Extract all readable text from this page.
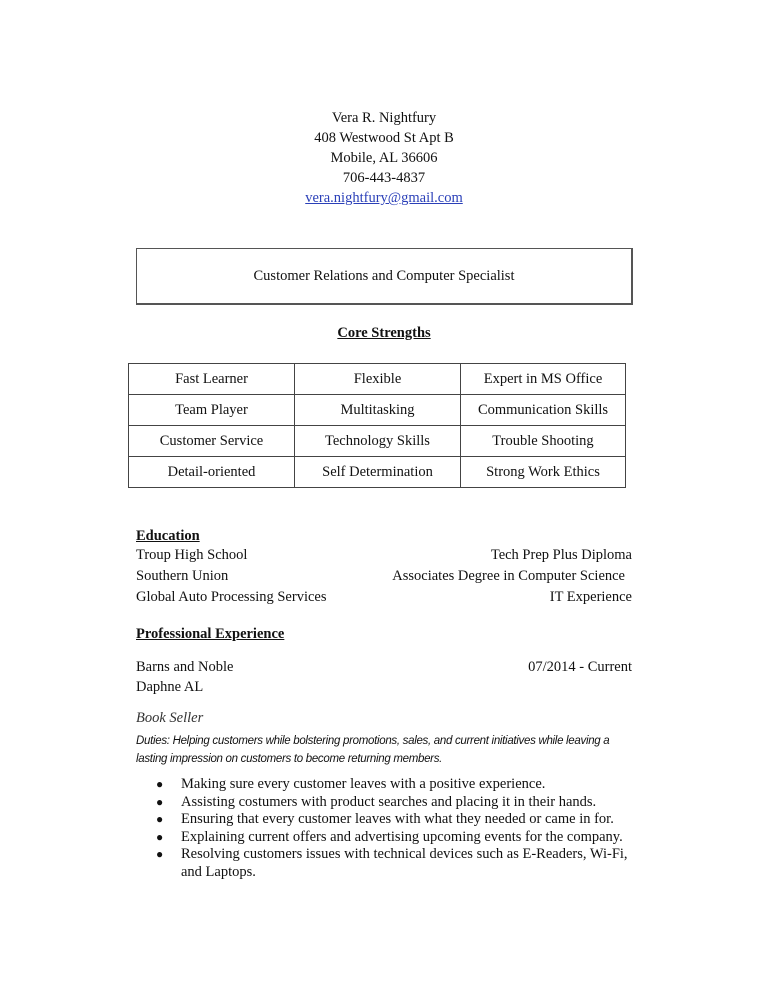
Vera R. Nightfury
408 Westwood St Apt B
Mobile, AL 36606
706-443-4837
vera.nightfury@gmail.com
Customer Relations and Computer Specialist
Core Strengths
Fast Learner	Flexible	Expert in MS Office
Team Player	Multitasking	Communication Skills
Customer Service	Technology Skills	Trouble Shooting
Detail-oriented	Self Determination	Strong Work Ethics
Education
Troup High School	Tech Prep Plus Diploma
Southern Union	Associates Degree in Computer Science
Global Auto Processing Services	IT Experience
Professional Experience
Barns and Noble	07/2014 - Current
Daphne AL
Book Seller
Duties: Helping customers while bolstering promotions, sales, and current initiatives while leaving a lasting impression on customers to become returning members.
● Making sure every customer leaves with a positive experience.
● Assisting costumers with product searches and placing it in their hands.
● Ensuring that every customer leaves with what they needed or came in for.
● Explaining current offers and advertising upcoming events for the company.
● Resolving customers issues with technical devices such as E-Readers, Wi-Fi, and Laptops.
